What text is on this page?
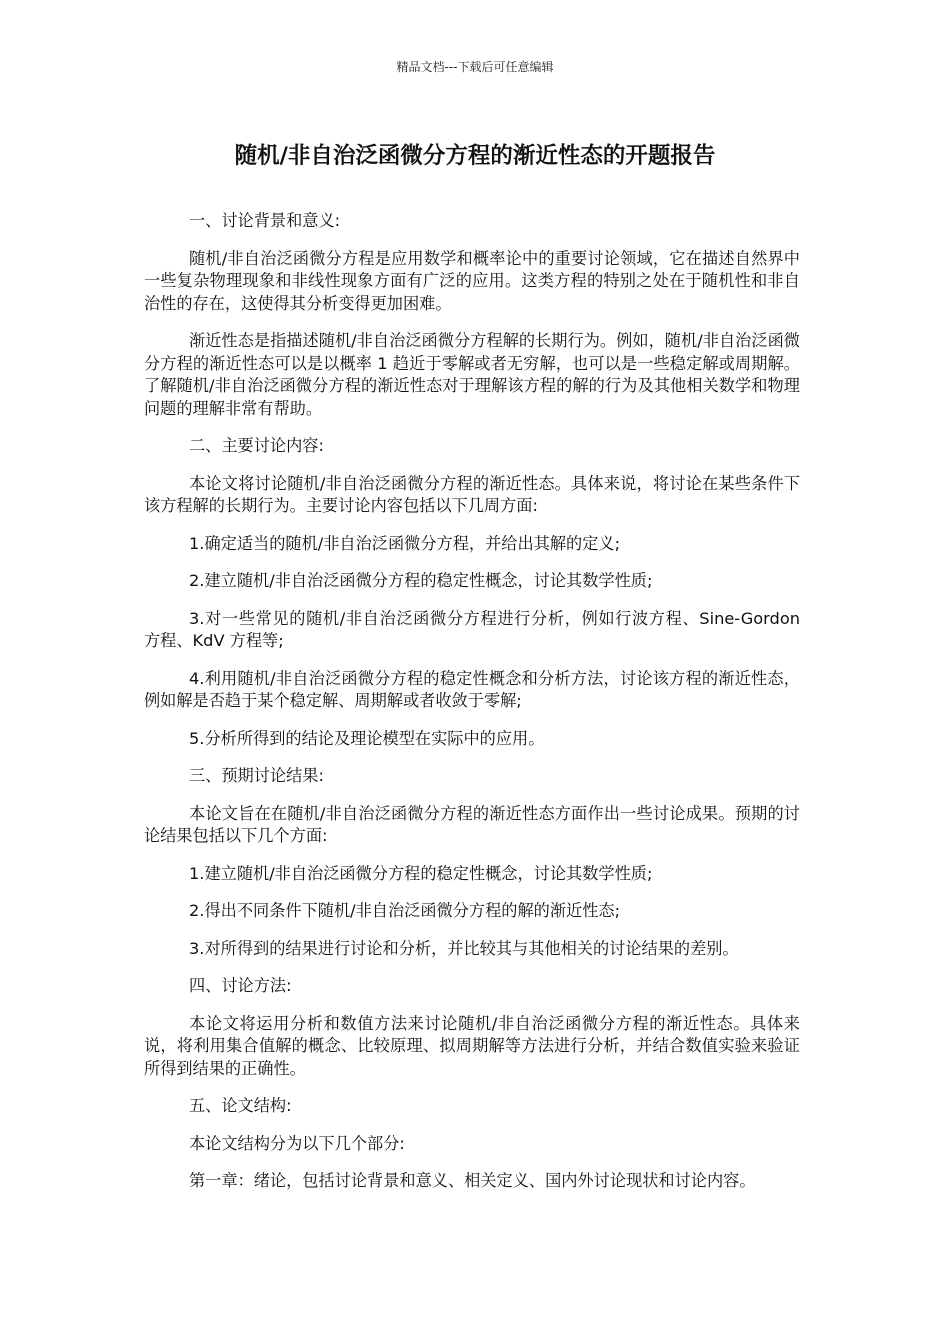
精品文档---下载后可任意编辑
随机/非自治泛函微分方程的渐近性态的开题报告

一、讨论背景和意义:

随机/非自治泛函微分方程是应用数学和概率论中的重要讨论领域，它在描述自然界中一些复杂物理现象和非线性现象方面有广泛的应用。这类方程的特别之处在于随机性和非自治性的存在，这使得其分析变得更加困难。

渐近性态是指描述随机/非自治泛函微分方程解的长期行为。例如，随机/非自治泛函微分方程的渐近性态可以是以概率 1 趋近于零解或者无穷解，也可以是一些稳定解或周期解。了解随机/非自治泛函微分方程的渐近性态对于理解该方程的解的行为及其他相关数学和物理问题的理解非常有帮助。

二、主要讨论内容:

本论文将讨论随机/非自治泛函微分方程的渐近性态。具体来说，将讨论在某些条件下该方程解的长期行为。主要讨论内容包括以下几周方面:

1.确定适当的随机/非自治泛函微分方程，并给出其解的定义;

2.建立随机/非自治泛函微分方程的稳定性概念，讨论其数学性质;

3.对一些常见的随机/非自治泛函微分方程进行分析，例如行波方程、Sine-Gordon 方程、KdV 方程等;

4.利用随机/非自治泛函微分方程的稳定性概念和分析方法，讨论该方程的渐近性态，例如解是否趋于某个稳定解、周期解或者收敛于零解;

5.分析所得到的结论及理论模型在实际中的应用。

三、预期讨论结果:

本论文旨在在随机/非自治泛函微分方程的渐近性态方面作出一些讨论成果。预期的讨论结果包括以下几个方面:

1.建立随机/非自治泛函微分方程的稳定性概念，讨论其数学性质;

2.得出不同条件下随机/非自治泛函微分方程的解的渐近性态;

3.对所得到的结果进行讨论和分析，并比较其与其他相关的讨论结果的差别。

四、讨论方法:

本论文将运用分析和数值方法来讨论随机/非自治泛函微分方程的渐近性态。具体来说，将利用集合值解的概念、比较原理、拟周期解等方法进行分析，并结合数值实验来验证所得到结果的正确性。

五、论文结构:

本论文结构分为以下几个部分:

第一章：绪论，包括讨论背景和意义、相关定义、国内外讨论现状和讨论内容。
